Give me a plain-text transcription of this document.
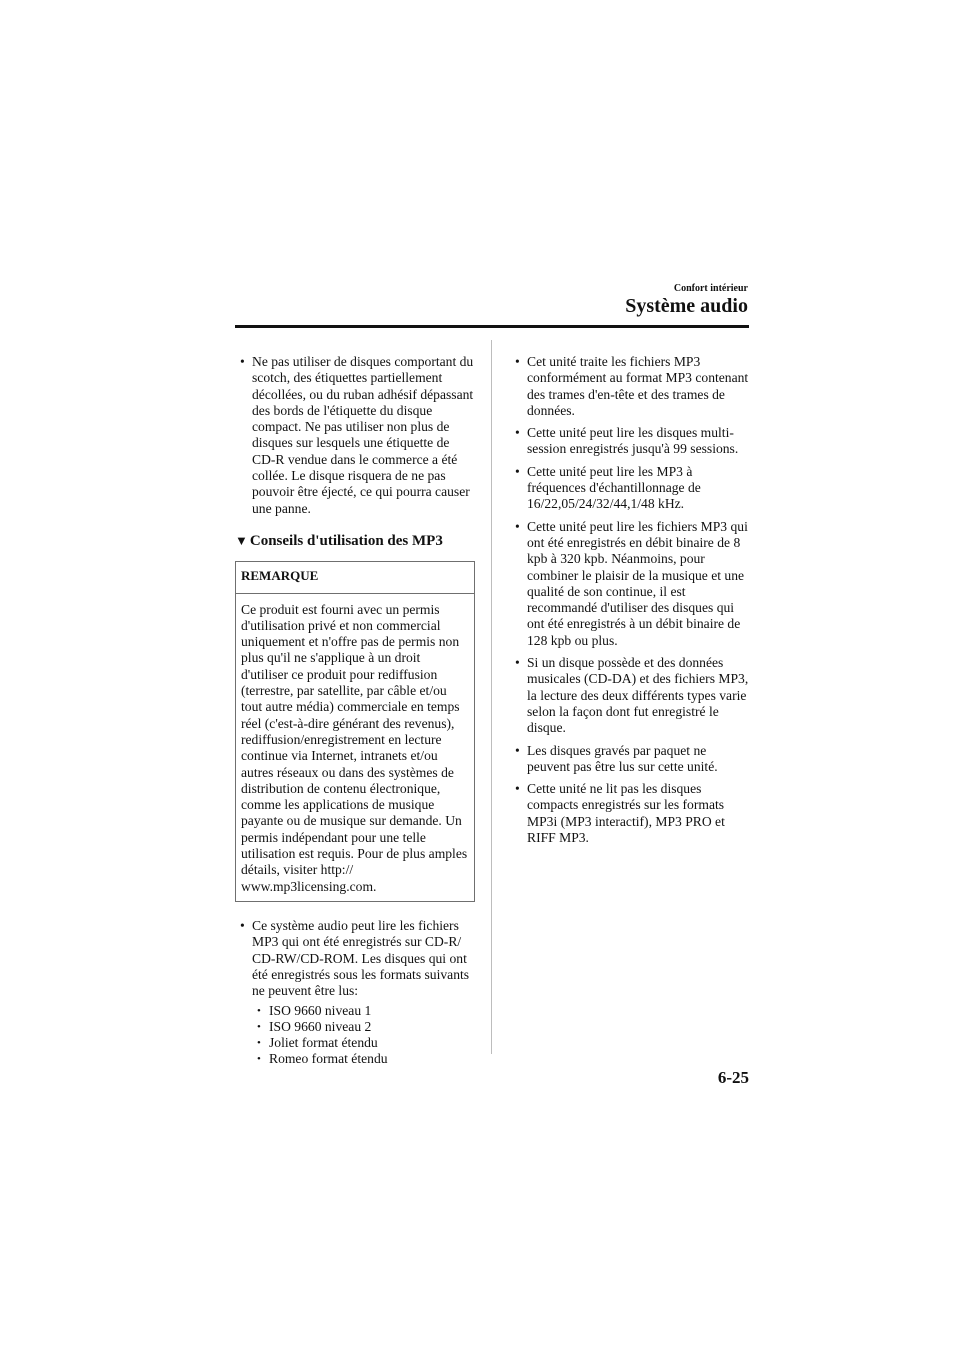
Confort intérieur
Système audio
• Ne pas utiliser de disques comportant du scotch, des étiquettes partiellement décollées, ou du ruban adhésif dépassant des bords de l'étiquette du disque compact. Ne pas utiliser non plus de disques sur lesquels une étiquette de CD-R vendue dans le commerce a été collée. Le disque risquera de ne pas pouvoir être éjecté, ce qui pourra causer une panne.
▼ Conseils d'utilisation des MP3
REMARQUE
Ce produit est fourni avec un permis d'utilisation privé et non commercial uniquement et n'offre pas de permis non plus qu'il ne s'applique à un droit d'utiliser ce produit pour rediffusion (terrestre, par satellite, par câble et/ou tout autre média) commerciale en temps réel (c'est-à-dire générant des revenus), rediffusion/enregistrement en lecture continue via Internet, intranets et/ou autres réseaux ou dans des systèmes de distribution de contenu électronique, comme les applications de musique payante ou de musique sur demande. Un permis indépendant pour une telle utilisation est requis. Pour de plus amples détails, visiter http:// www.mp3licensing.com.
• Ce système audio peut lire les fichiers MP3 qui ont été enregistrés sur CD-R/ CD-RW/CD-ROM. Les disques qui ont été enregistrés sous les formats suivants ne peuvent être lus:
• ISO 9660 niveau 1
• ISO 9660 niveau 2
• Joliet format étendu
• Romeo format étendu
• Cet unité traite les fichiers MP3 conformément au format MP3 contenant des trames d'en-tête et des trames de données.
• Cette unité peut lire les disques multi-session enregistrés jusqu'à 99 sessions.
• Cette unité peut lire les MP3 à fréquences d'échantillonnage de 16/22,05/24/32/44,1/48 kHz.
• Cette unité peut lire les fichiers MP3 qui ont été enregistrés en débit binaire de 8 kpb à 320 kpb. Néanmoins, pour combiner le plaisir de la musique et une qualité de son continue, il est recommandé d'utiliser des disques qui ont été enregistrés à un débit binaire de 128 kpb ou plus.
• Si un disque possède et des données musicales (CD-DA) et des fichiers MP3, la lecture des deux différents types varie selon la façon dont fut enregistré le disque.
• Les disques gravés par paquet ne peuvent pas être lus sur cette unité.
• Cette unité ne lit pas les disques compacts enregistrés sur les formats MP3i (MP3 interactif), MP3 PRO et RIFF MP3.
6-25
